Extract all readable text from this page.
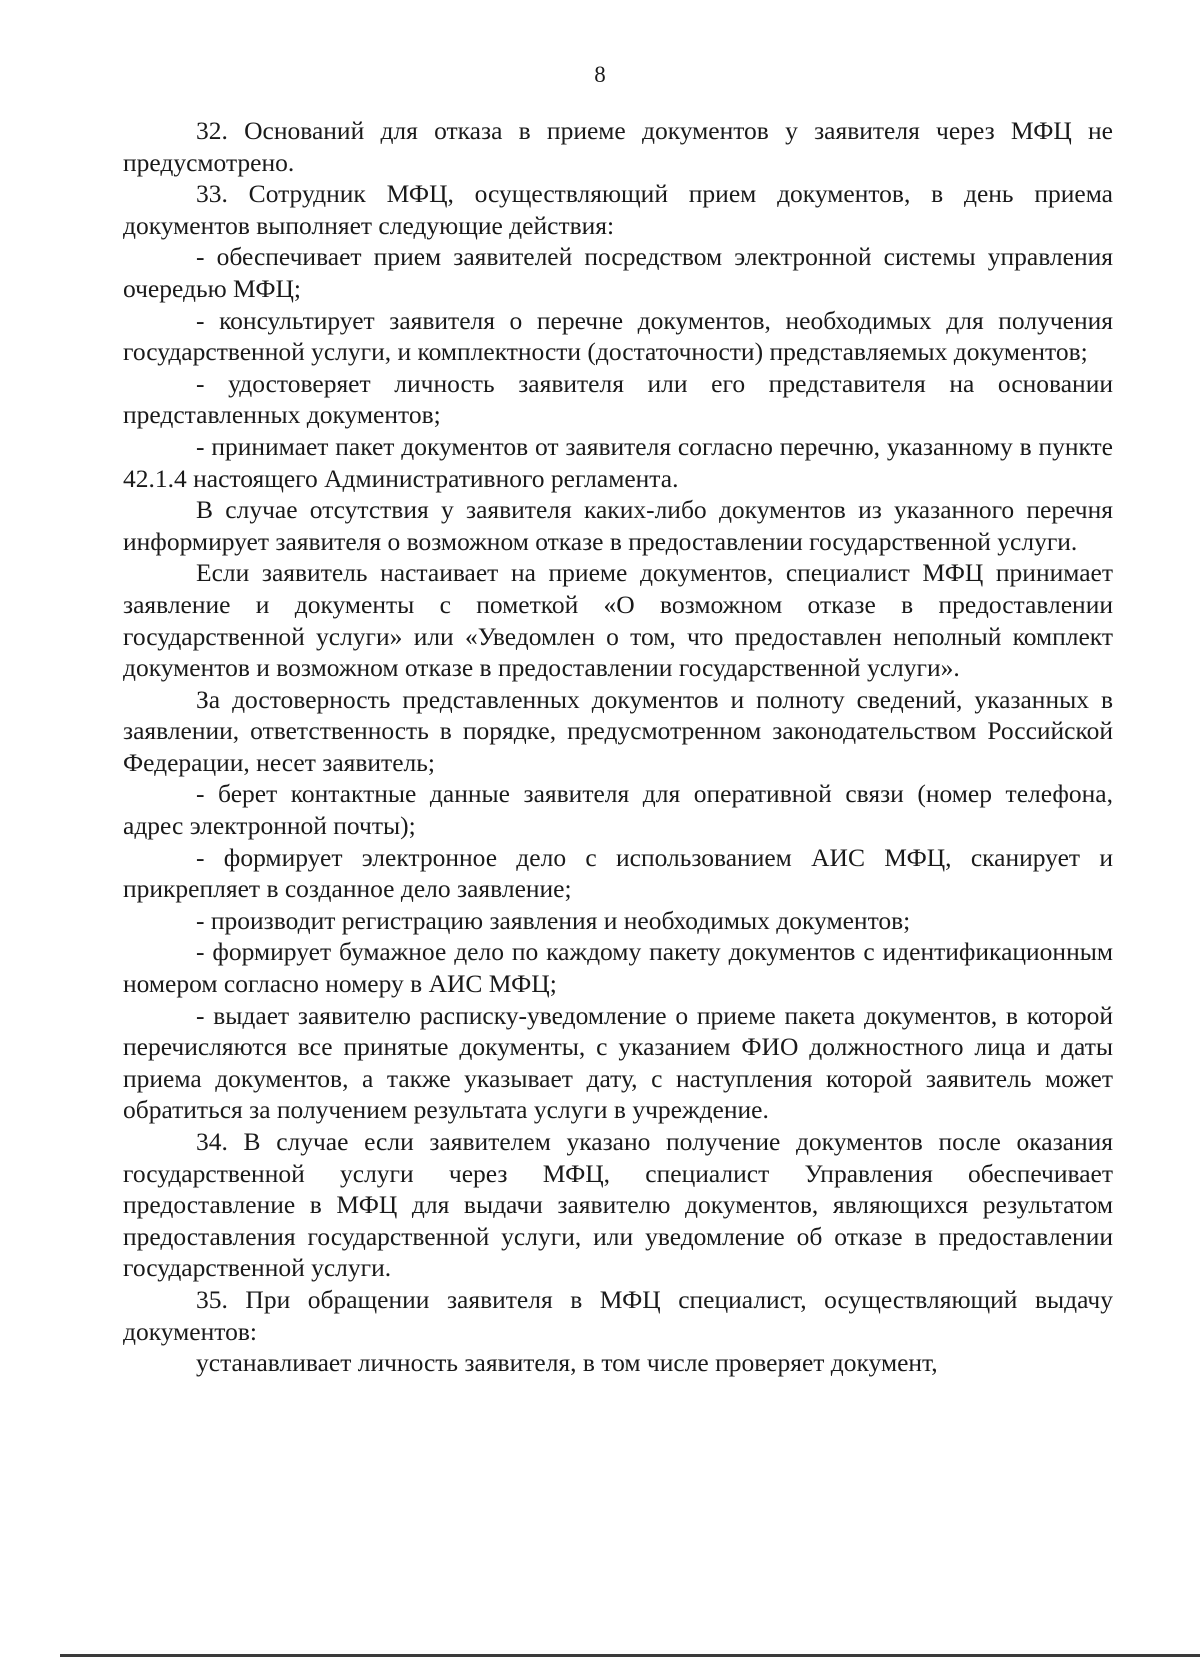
8

32. Оснований для отказа в приеме документов у заявителя через МФЦ не предусмотрено.

33. Сотрудник МФЦ, осуществляющий прием документов, в день приема документов выполняет следующие действия:

- обеспечивает прием заявителей посредством электронной системы управления очередью МФЦ;

- консультирует заявителя о перечне документов, необходимых для получения государственной услуги, и комплектности (достаточности) представляемых документов;

- удостоверяет личность заявителя или его представителя на основании представленных документов;

- принимает пакет документов от заявителя согласно перечню, указанному в пункте 42.1.4 настоящего Административного регламента.

В случае отсутствия у заявителя каких-либо документов из указанного перечня информирует заявителя о возможном отказе в предоставлении государственной услуги.

Если заявитель настаивает на приеме документов, специалист МФЦ принимает заявление и документы с пометкой «О возможном отказе в предоставлении государственной услуги» или «Уведомлен о том, что предоставлен неполный комплект документов и возможном отказе в предоставлении государственной услуги».

За достоверность представленных документов и полноту сведений, указанных в заявлении, ответственность в порядке, предусмотренном законодательством Российской Федерации, несет заявитель;

- берет контактные данные заявителя для оперативной связи (номер телефона, адрес электронной почты);

- формирует электронное дело с использованием АИС МФЦ, сканирует и прикрепляет в созданное дело заявление;

- производит регистрацию заявления и необходимых документов;

- формирует бумажное дело по каждому пакету документов с идентификационным номером согласно номеру в АИС МФЦ;

- выдает заявителю расписку-уведомление о приеме пакета документов, в которой перечисляются все принятые документы, с указанием ФИО должностного лица и даты приема документов, а также указывает дату, с наступления которой заявитель может обратиться за получением результата услуги в учреждение.

34. В случае если заявителем указано получение документов после оказания государственной услуги через МФЦ, специалист Управления обеспечивает предоставление в МФЦ для выдачи заявителю документов, являющихся результатом предоставления государственной услуги, или уведомление об отказе в предоставлении государственной услуги.

35. При обращении заявителя в МФЦ специалист, осуществляющий выдачу документов:

устанавливает личность заявителя, в том числе проверяет документ,
